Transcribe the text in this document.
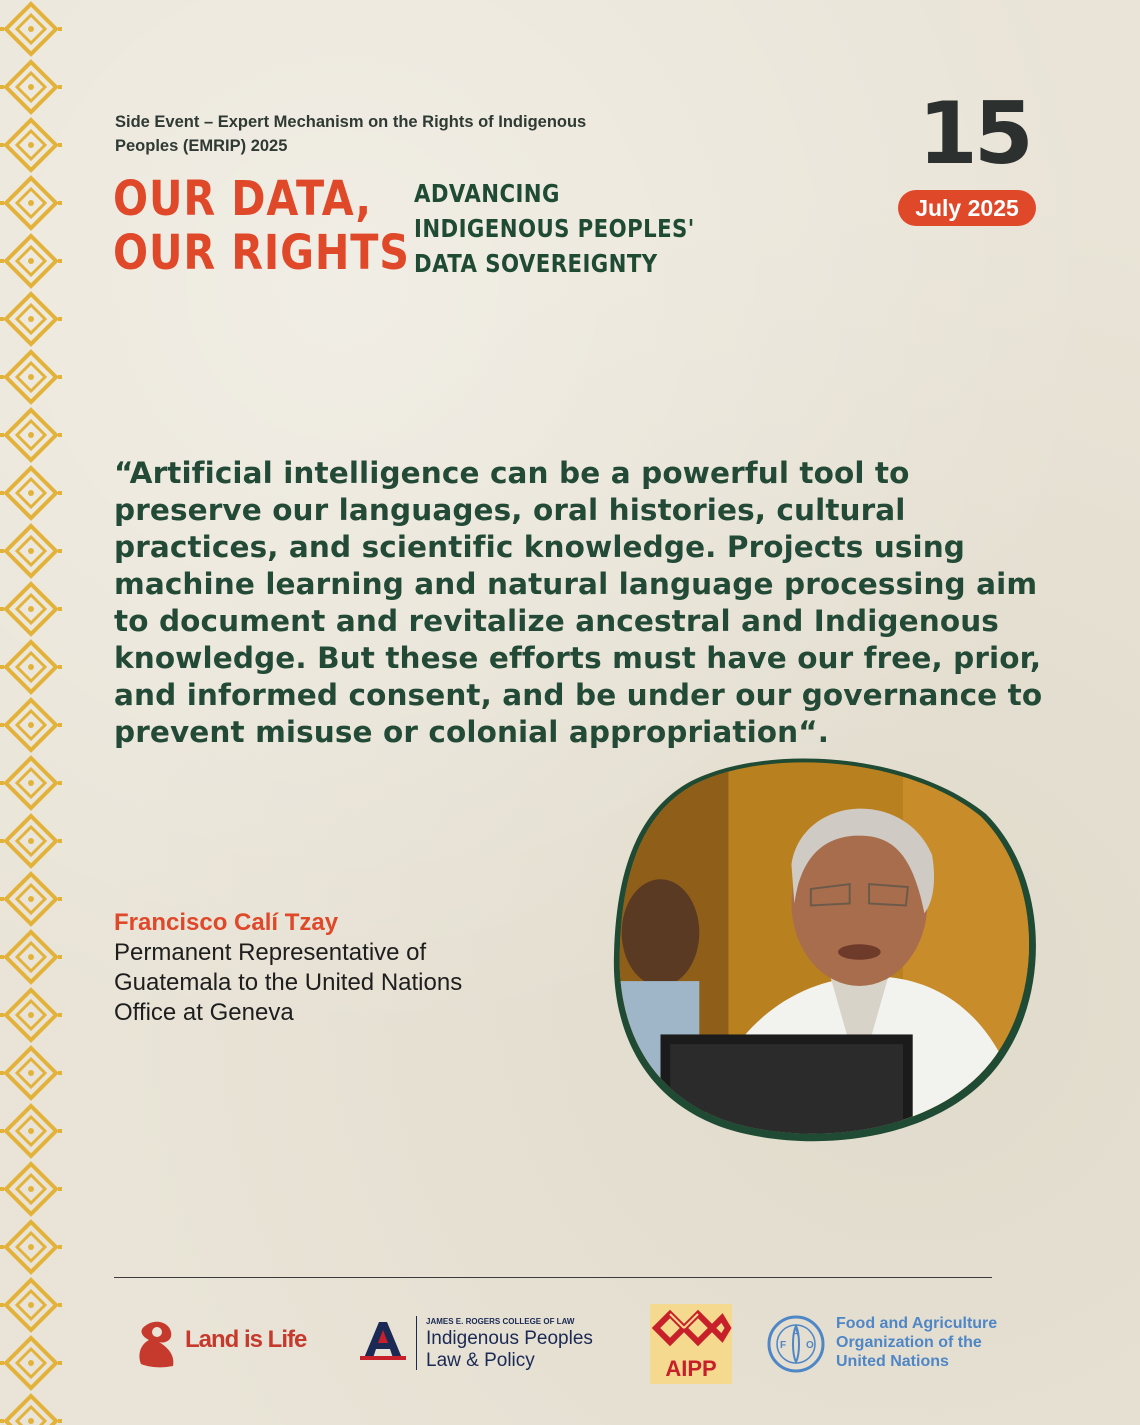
Side Event – Expert Mechanism on the Rights of Indigenous Peoples (EMRIP) 2025
OUR DATA,
OUR RIGHTS
ADVANCING
INDIGENOUS PEOPLES'
DATA SOVEREIGNTY
15
July 2025
“Artificial intelligence can be a powerful tool to preserve our languages, oral histories, cultural practices, and scientific knowledge. Projects using machine learning and natural language processing aim to document and revitalize ancestral and Indigenous knowledge. But these efforts must have our free, prior, and informed consent, and be under our governance to prevent misuse or colonial appropriation“.
Francisco Calí Tzay
Permanent Representative of Guatemala to the United Nations Office at Geneva
Land is Life
JAMES E. ROGERS COLLEGE OF LAW
Indigenous Peoples
Law & Policy	AIPP
F O
A
Food and Agriculture
Organization of the
United Nations
